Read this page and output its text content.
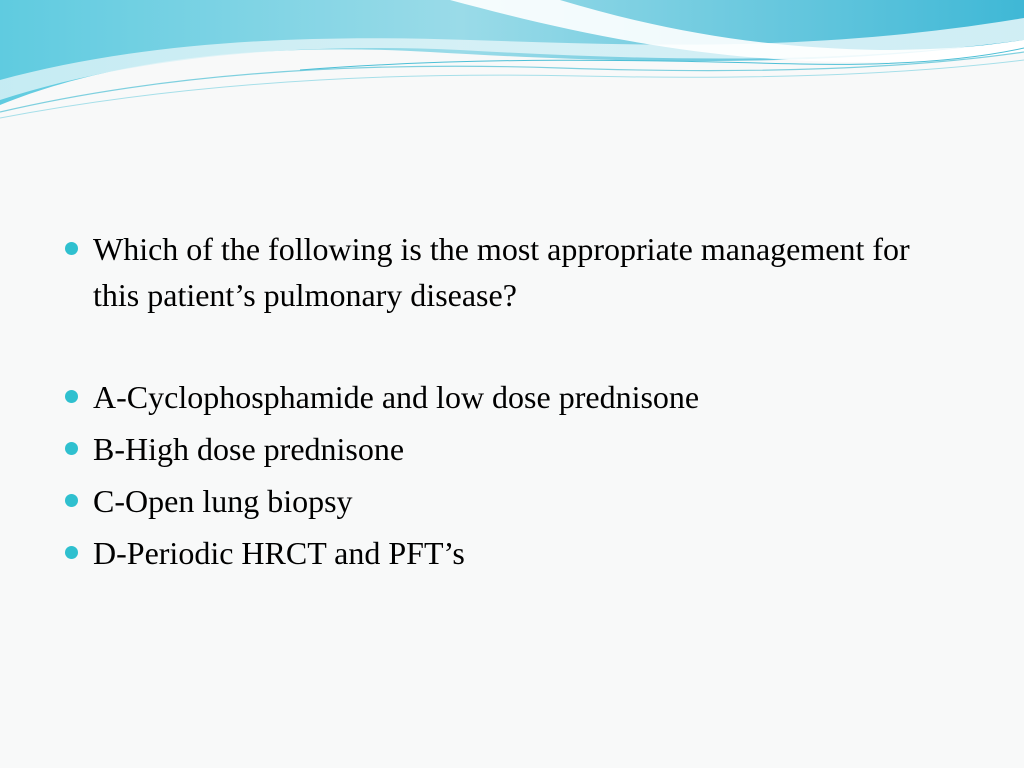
Which of the following is the most appropriate management for this patient’s pulmonary disease?
A-Cyclophosphamide and low dose prednisone
B-High dose prednisone
C-Open lung biopsy
D-Periodic HRCT and PFT’s
